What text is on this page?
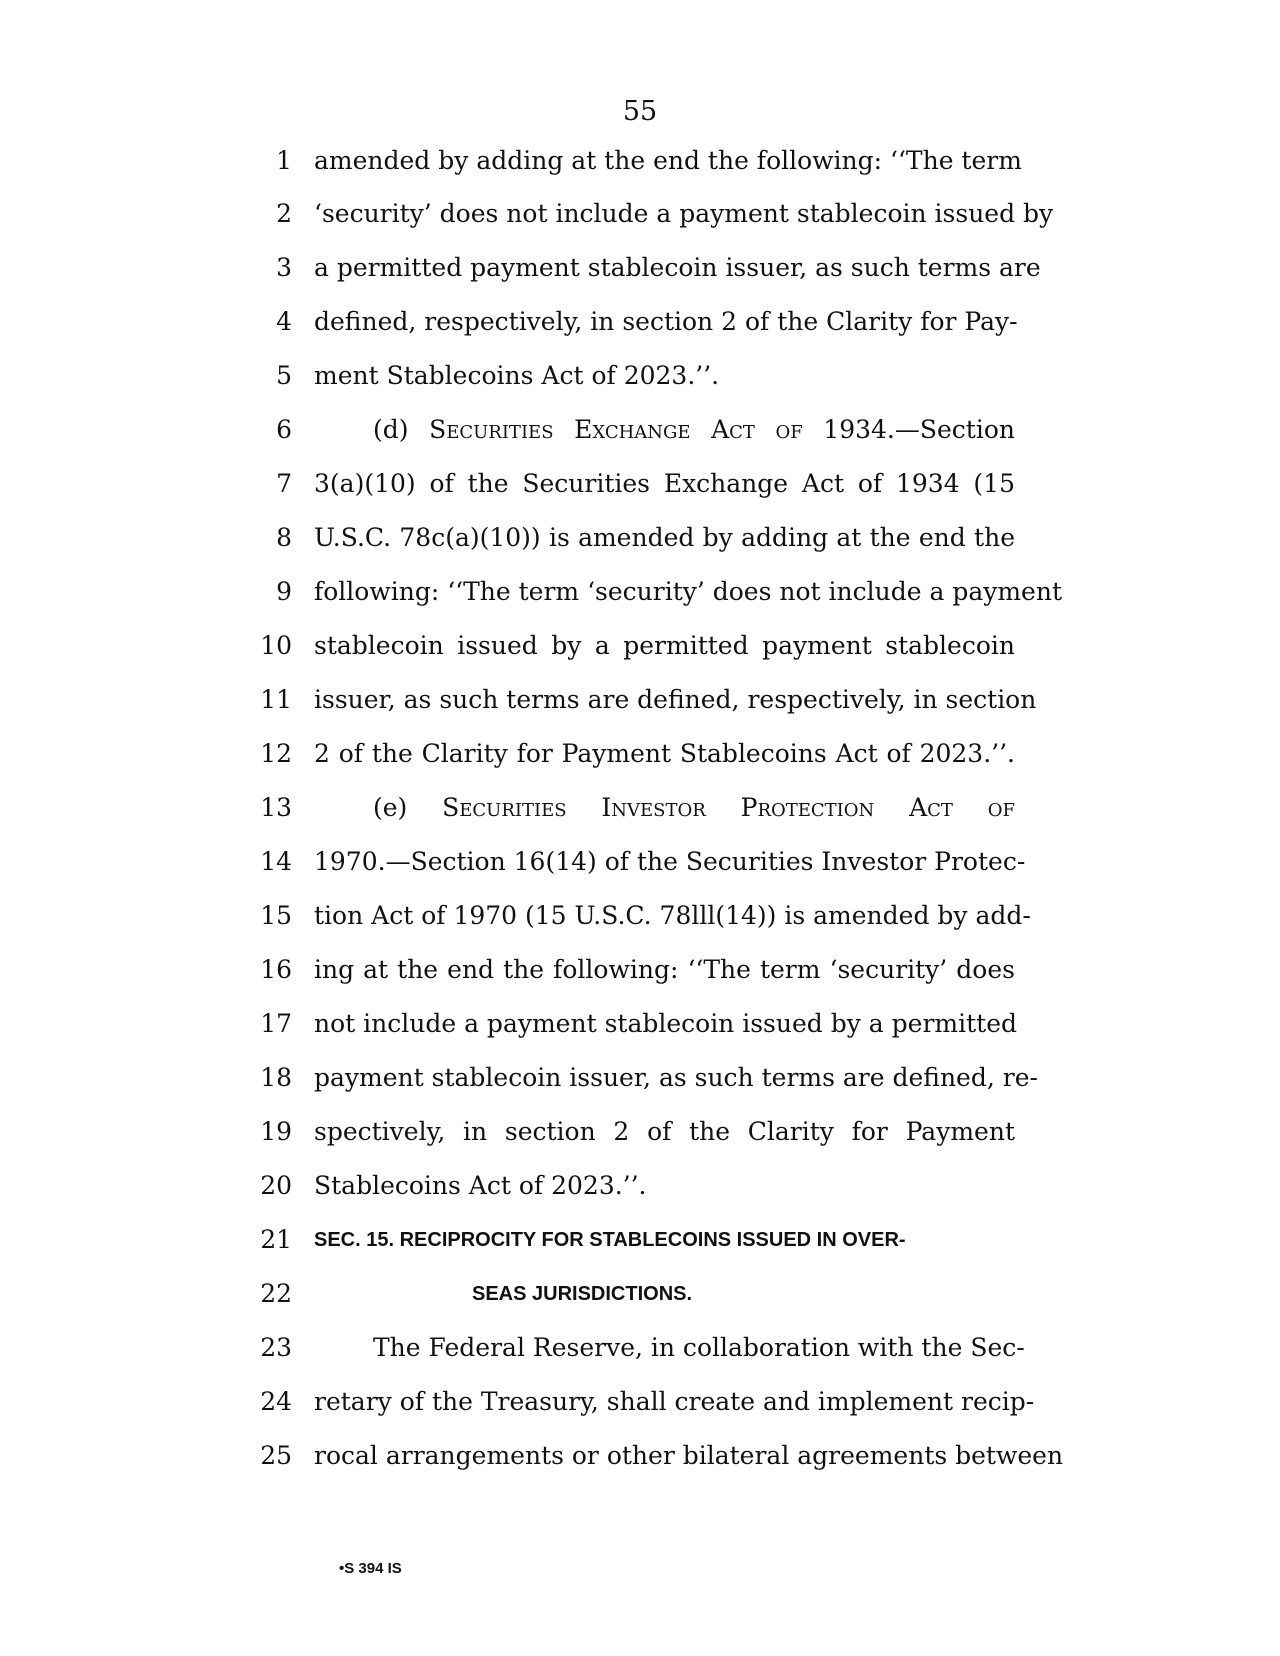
55
1 amended by adding at the end the following: ‘‘The term
2 ‘security’ does not include a payment stablecoin issued by
3 a permitted payment stablecoin issuer, as such terms are
4 defined, respectively, in section 2 of the Clarity for Pay-
5 ment Stablecoins Act of 2023.’’.
6	(d) Securities Exchange Act of 1934.—Section
7 3(a)(10) of the Securities Exchange Act of 1934 (15
8 U.S.C. 78c(a)(10)) is amended by adding at the end the
9 following: ‘‘The term ‘security’ does not include a payment
10 stablecoin issued by a permitted payment stablecoin
11 issuer, as such terms are defined, respectively, in section
12 2 of the Clarity for Payment Stablecoins Act of 2023.’’.
13	(e) Securities Investor Protection Act of
14 1970.—Section 16(14) of the Securities Investor Protec-
15 tion Act of 1970 (15 U.S.C. 78lll(14)) is amended by add-
16 ing at the end the following: ‘‘The term ‘security’ does
17 not include a payment stablecoin issued by a permitted
18 payment stablecoin issuer, as such terms are defined, re-
19 spectively, in section 2 of the Clarity for Payment
20 Stablecoins Act of 2023.’’.
21 SEC. 15. RECIPROCITY FOR STABLECOINS ISSUED IN OVER-
22	SEAS JURISDICTIONS.
23	The Federal Reserve, in collaboration with the Sec-
24 retary of the Treasury, shall create and implement recip-
25 rocal arrangements or other bilateral agreements between
•S 394 IS
